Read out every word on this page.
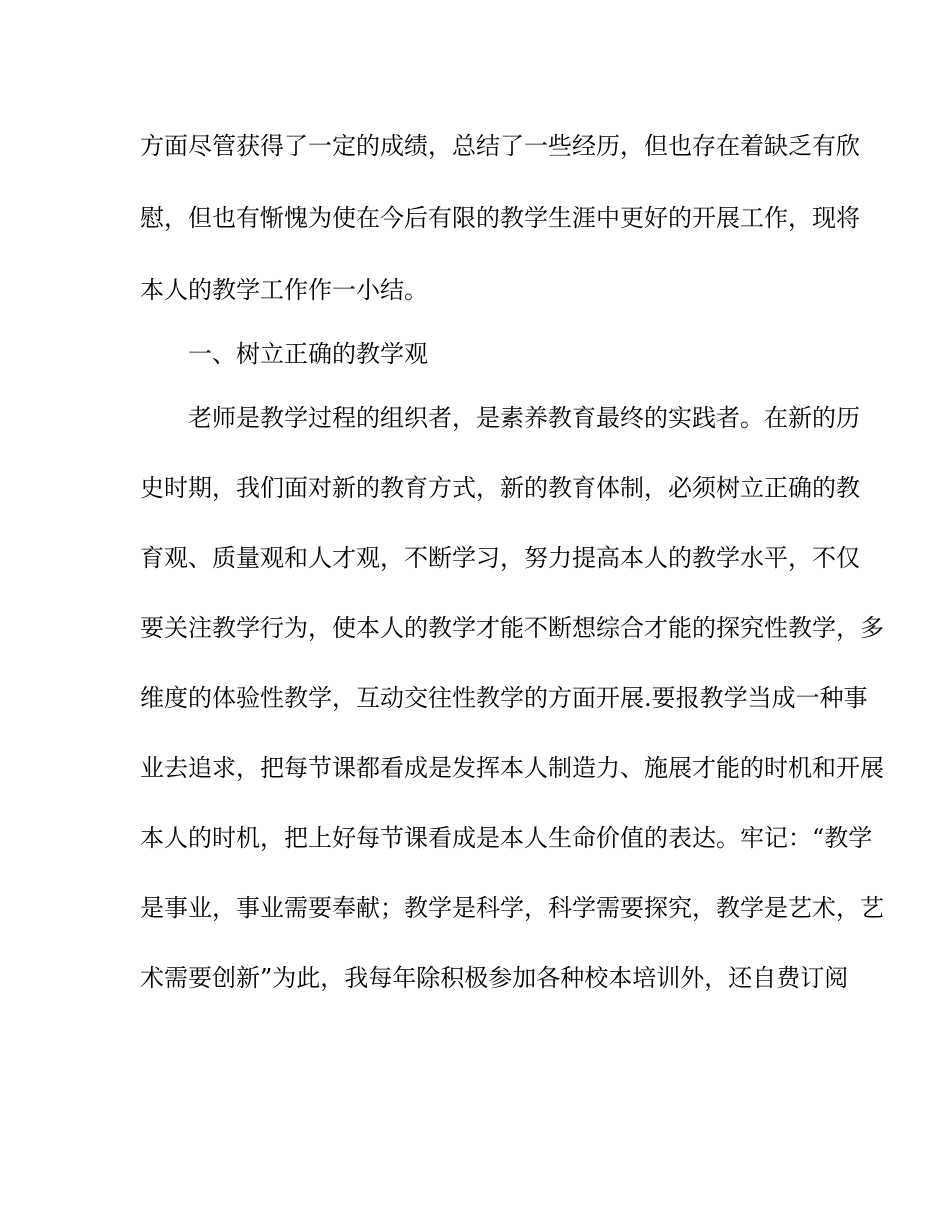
方面尽管获得了一定的成绩，总结了一些经历，但也存在着缺乏有欣
慰，但也有惭愧为使在今后有限的教学生涯中更好的开展工作，现将
本人的教学工作作一小结。
一、树立正确的教学观
老师是教学过程的组织者，是素养教育最终的实践者。在新的历
史时期，我们面对新的教育方式，新的教育体制，必须树立正确的教
育观、质量观和人才观，不断学习，努力提高本人的教学水平，不仅
要关注教学行为，使本人的教学才能不断想综合才能的探究性教学，多
维度的体验性教学，互动交往性教学的方面开展.要报教学当成一种事
业去追求，把每节课都看成是发挥本人制造力、施展才能的时机和开展
本人的时机，把上好每节课看成是本人生命价值的表达。牢记：“教学
是事业，事业需要奉献；教学是科学，科学需要探究，教学是艺术，艺
术需要创新”为此，我每年除积极参加各种校本培训外，还自费订阅
